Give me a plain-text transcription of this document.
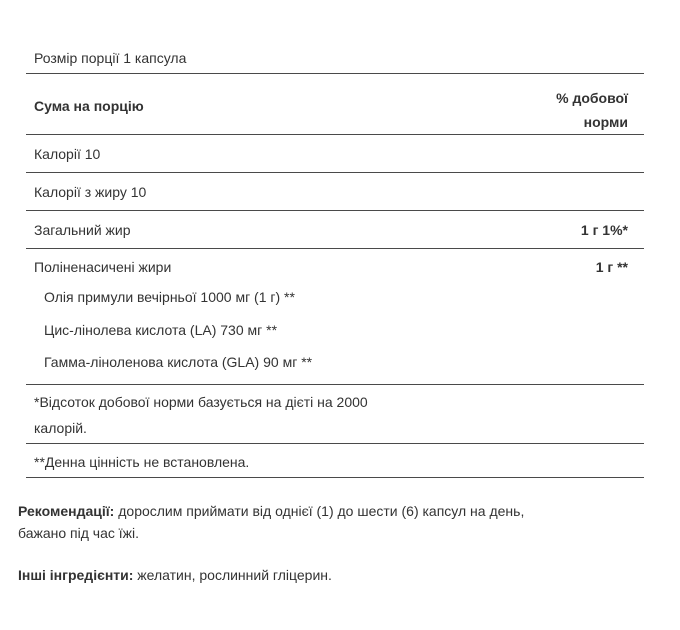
Розмір порції 1 капсула
Сума на порцію	% добової
норми
Калорії 10
Калорії з жиру 10
Загальний жир	1 г 1%*
Поліненасичені жири	1 г **
Олія примули вечірньої 1000 мг (1 г) **
Цис-лінолева кислота (LA) 730 мг **
Гамма-ліноленова кислота (GLA) 90 мг **
*Відсоток добової норми базується на дієті на 2000
калорій.
**Денна цінність не встановлена.
Рекомендації: дорослим приймати від однієї (1) до шести (6) капсул на день,
бажано під час їжі.
Інші інгредієнти: желатин, рослинний гліцерин.
